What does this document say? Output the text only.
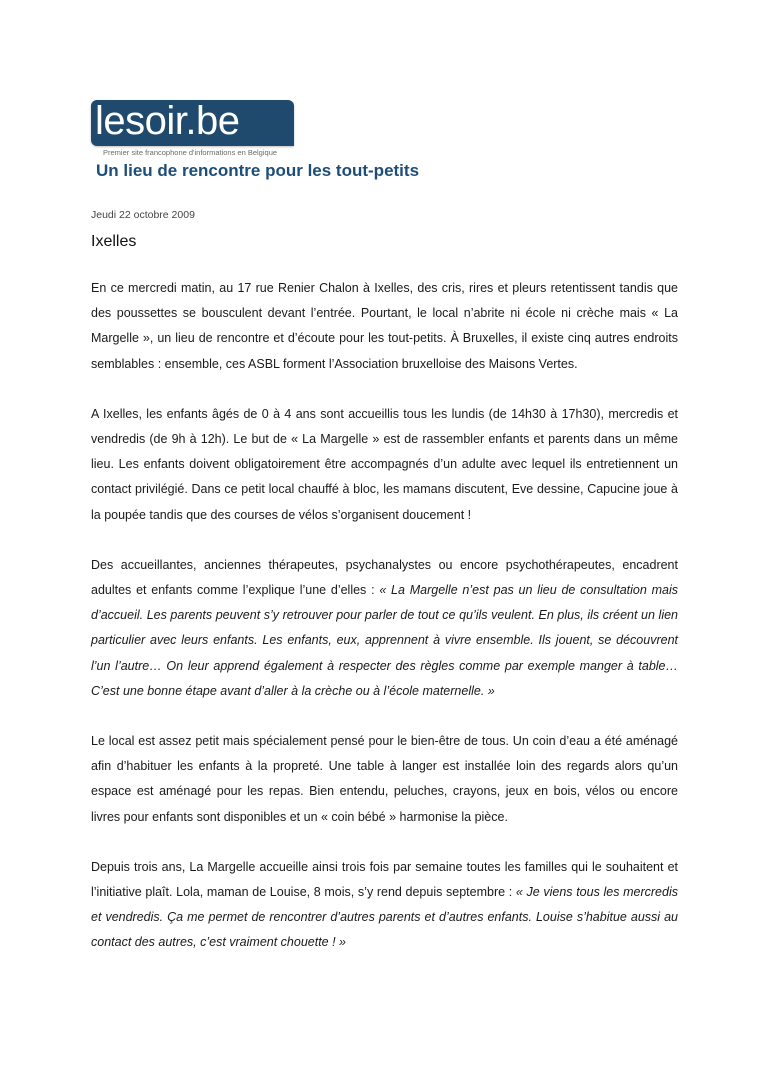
lesoir.be
Premier site francophone d'informations en Belgique
Un lieu de rencontre pour les tout-petits
Jeudi 22 octobre 2009
Ixelles

En ce mercredi matin, au 17 rue Renier Chalon à Ixelles, des cris, rires et pleurs retentissent tandis que des poussettes se bousculent devant l’entrée. Pourtant, le local n’abrite ni école ni crèche mais « La Margelle », un lieu de rencontre et d’écoute pour les tout-petits. À Bruxelles, il existe cinq autres endroits semblables : ensemble, ces ASBL forment l’Association bruxelloise des Maisons Vertes.

A Ixelles, les enfants âgés de 0 à 4 ans sont accueillis tous les lundis (de 14h30 à 17h30), mercredis et vendredis (de 9h à 12h). Le but de « La Margelle » est de rassembler enfants et parents dans un même lieu. Les enfants doivent obligatoirement être accompagnés d’un adulte avec lequel ils entretiennent un contact privilégié. Dans ce petit local chauffé à bloc, les mamans discutent, Eve dessine, Capucine joue à la poupée tandis que des courses de vélos s’organisent doucement !

Des accueillantes, anciennes thérapeutes, psychanalystes ou encore psychothérapeutes, encadrent adultes et enfants comme l’explique l’une d’elles : « La Margelle n’est pas un lieu de consultation mais d’accueil. Les parents peuvent s’y retrouver pour parler de tout ce qu’ils veulent. En plus, ils créent un lien particulier avec leurs enfants. Les enfants, eux, apprennent à vivre ensemble. Ils jouent, se découvrent l’un l’autre… On leur apprend également à respecter des règles comme par exemple manger à table… C’est une bonne étape avant d’aller à la crèche ou à l’école maternelle. »

Le local est assez petit mais spécialement pensé pour le bien-être de tous. Un coin d’eau a été aménagé afin d’habituer les enfants à la propreté. Une table à langer est installée loin des regards alors qu’un espace est aménagé pour les repas. Bien entendu, peluches, crayons, jeux en bois, vélos ou encore livres pour enfants sont disponibles et un « coin bébé » harmonise la pièce.

Depuis trois ans, La Margelle accueille ainsi trois fois par semaine toutes les familles qui le souhaitent et l’initiative plaît. Lola, maman de Louise, 8 mois, s’y rend depuis septembre : « Je viens tous les mercredis et vendredis. Ça me permet de rencontrer d’autres parents et d’autres enfants. Louise s’habitue aussi au contact des autres, c’est vraiment chouette ! »
